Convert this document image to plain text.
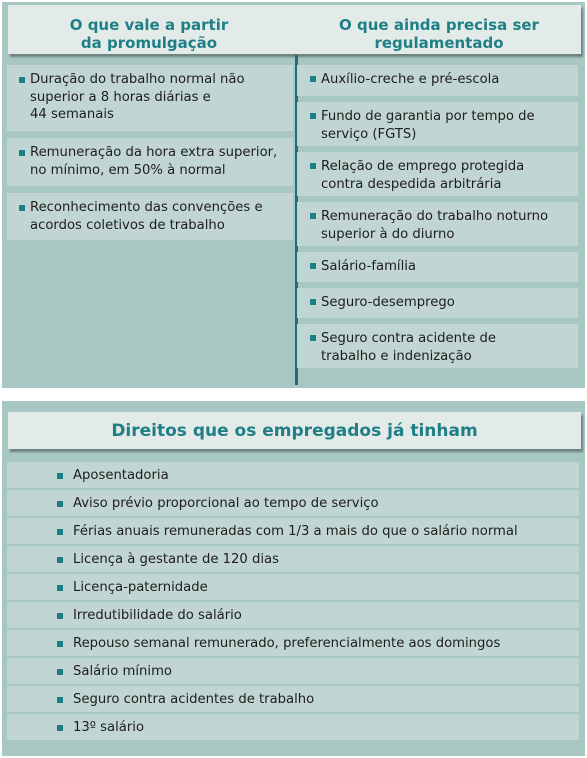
O que vale a partir
da promulgação
O que ainda precisa ser
regulamentado
Duração do trabalho normal não
superior a 8 horas diárias e
44 semanais
Remuneração da hora extra superior,
no mínimo, em 50% à normal
Reconhecimento das convenções e
acordos coletivos de trabalho
Auxílio-creche e pré-escola
Fundo de garantia por tempo de
serviço (FGTS)
Relação de emprego protegida
contra despedida arbitrária
Remuneração do trabalho noturno
superior à do diurno
Salário-família
Seguro-desemprego
Seguro contra acidente de
trabalho e indenização
Direitos que os empregados já tinham
Aposentadoria
Aviso prévio proporcional ao tempo de serviço
Férias anuais remuneradas com 1/3 a mais do que o salário normal
Licença à gestante de 120 dias
Licença-paternidade
Irredutibilidade do salário
Repouso semanal remunerado, preferencialmente aos domingos
Salário mínimo
Seguro contra acidentes de trabalho
13º salário
